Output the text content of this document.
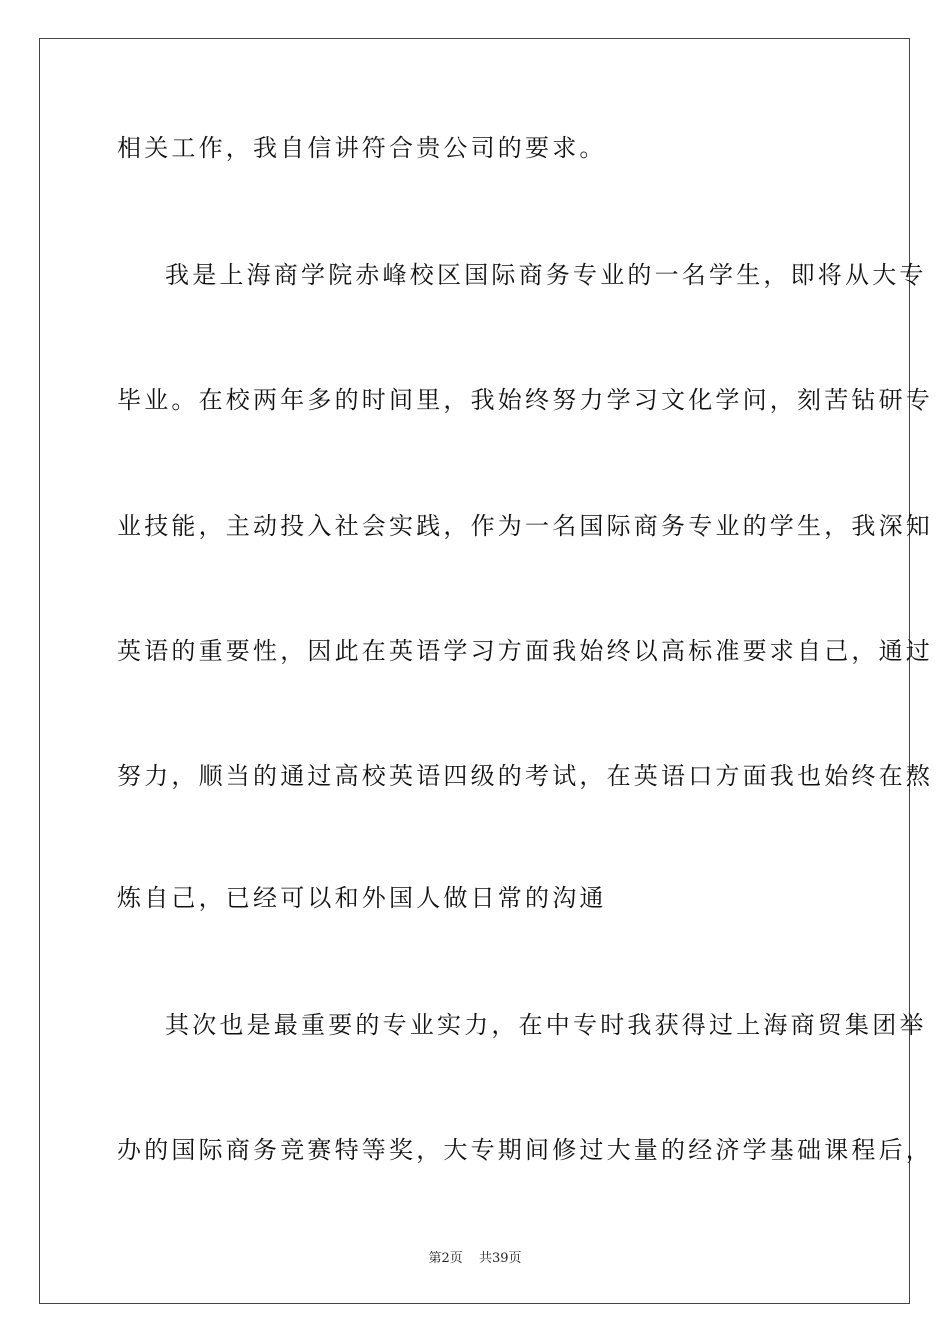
相关工作，我自信讲符合贵公司的要求。
我是上海商学院赤峰校区国际商务专业的一名学生，即将从大专
毕业。在校两年多的时间里，我始终努力学习文化学问，刻苦钻研专
业技能，主动投入社会实践，作为一名国际商务专业的学生，我深知
英语的重要性，因此在英语学习方面我始终以高标准要求自己，通过
努力，顺当的通过高校英语四级的考试，在英语口方面我也始终在熬
炼自己，已经可以和外国人做日常的沟通
其次也是最重要的专业实力，在中专时我获得过上海商贸集团举
办的国际商务竞赛特等奖，大专期间修过大量的经济学基础课程后，
第2页 共39页
